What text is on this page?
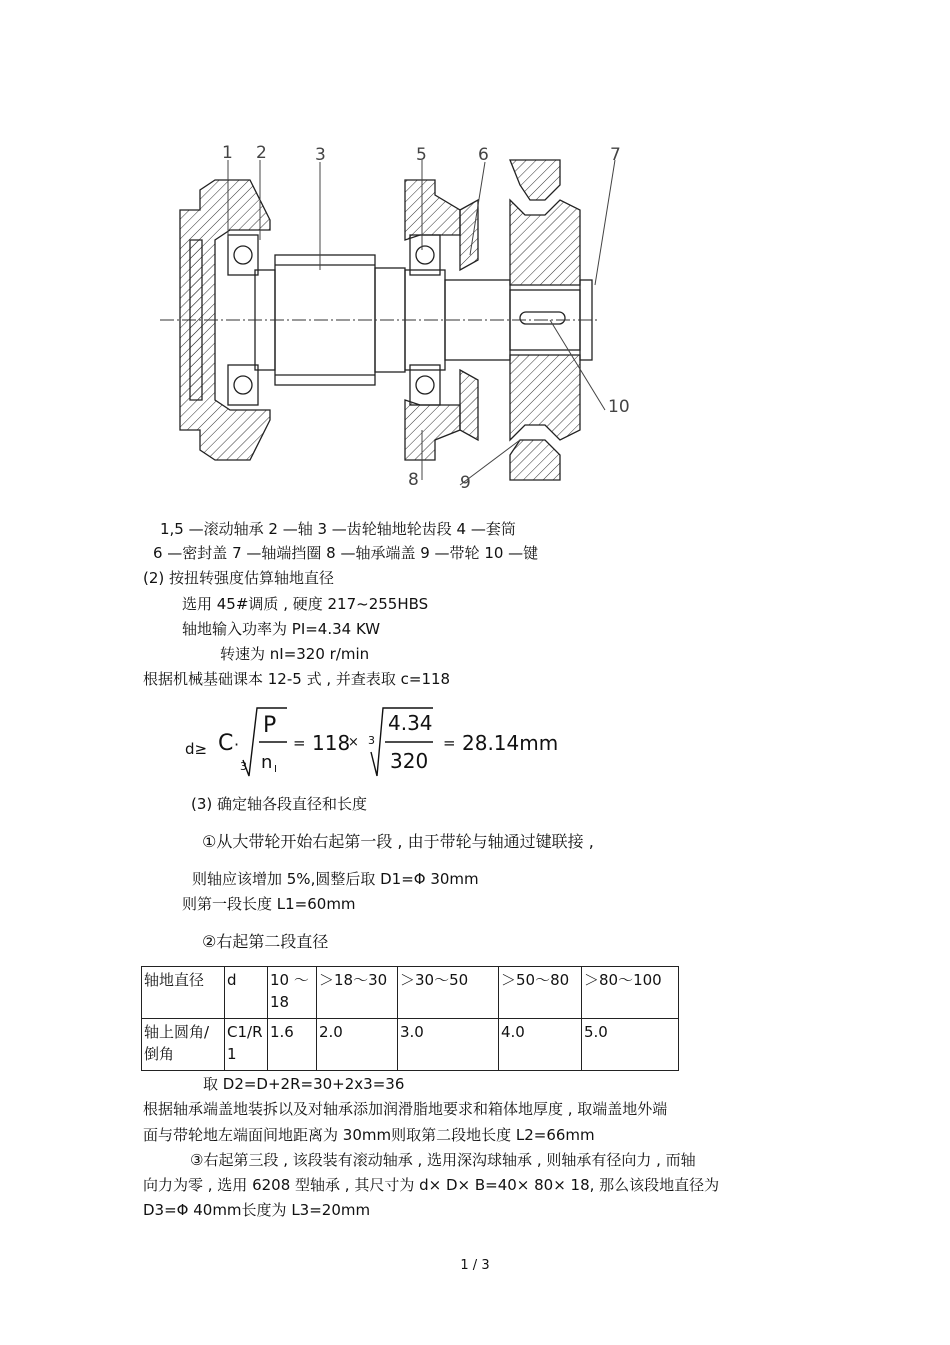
1 2	3	5	6	7
8 9
10
1,5 —滚动轴承 2 —轴 3 —齿轮轴地轮齿段 4 —套筒
6 —密封盖 7 —轴端挡圈 8 —轴承端盖 9 —带轮 10 —键
(2) 按扭转强度估算轴地直径
选用 45#调质 , 硬度 217~255HBS
轴地输入功率为 PⅠ=4.34 KW
转速为 nⅠ=320 r/min
根据机械基础课本 12-5 式 , 并查表取 c=118
d≥ C ·
3
P
n Ⅰ
= 118
× 3
4.34
320
= 28.14mm
(3) 确定轴各段直径和长度
①从大带轮开始右起第一段 , 由于带轮与轴通过键联接 ,
则轴应该增加 5%,圆整后取 D1=Φ 30mm
则第一段长度 L1=60mm
②右起第二段直径
轴地直径	d	10 ～18	＞18～30	＞30～50	＞50～80	＞80～100
轴上圆角/倒角	C1/R1	1.6	2.0	3.0	4.0	5.0
取 D2=D+2R=30+2x3=36
根据轴承端盖地装拆以及对轴承添加润滑脂地要求和箱体地厚度 , 取端盖地外端
面与带轮地左端面间地距离为 30mm则取第二段地长度 L2=66mm
③右起第三段 , 该段装有滚动轴承 , 选用深沟球轴承 , 则轴承有径向力 , 而轴
向力为零 , 选用 6208 型轴承 , 其尺寸为 d× D× B=40× 80× 18, 那么该段地直径为
D3=Φ 40mm长度为 L3=20mm
1 / 3
